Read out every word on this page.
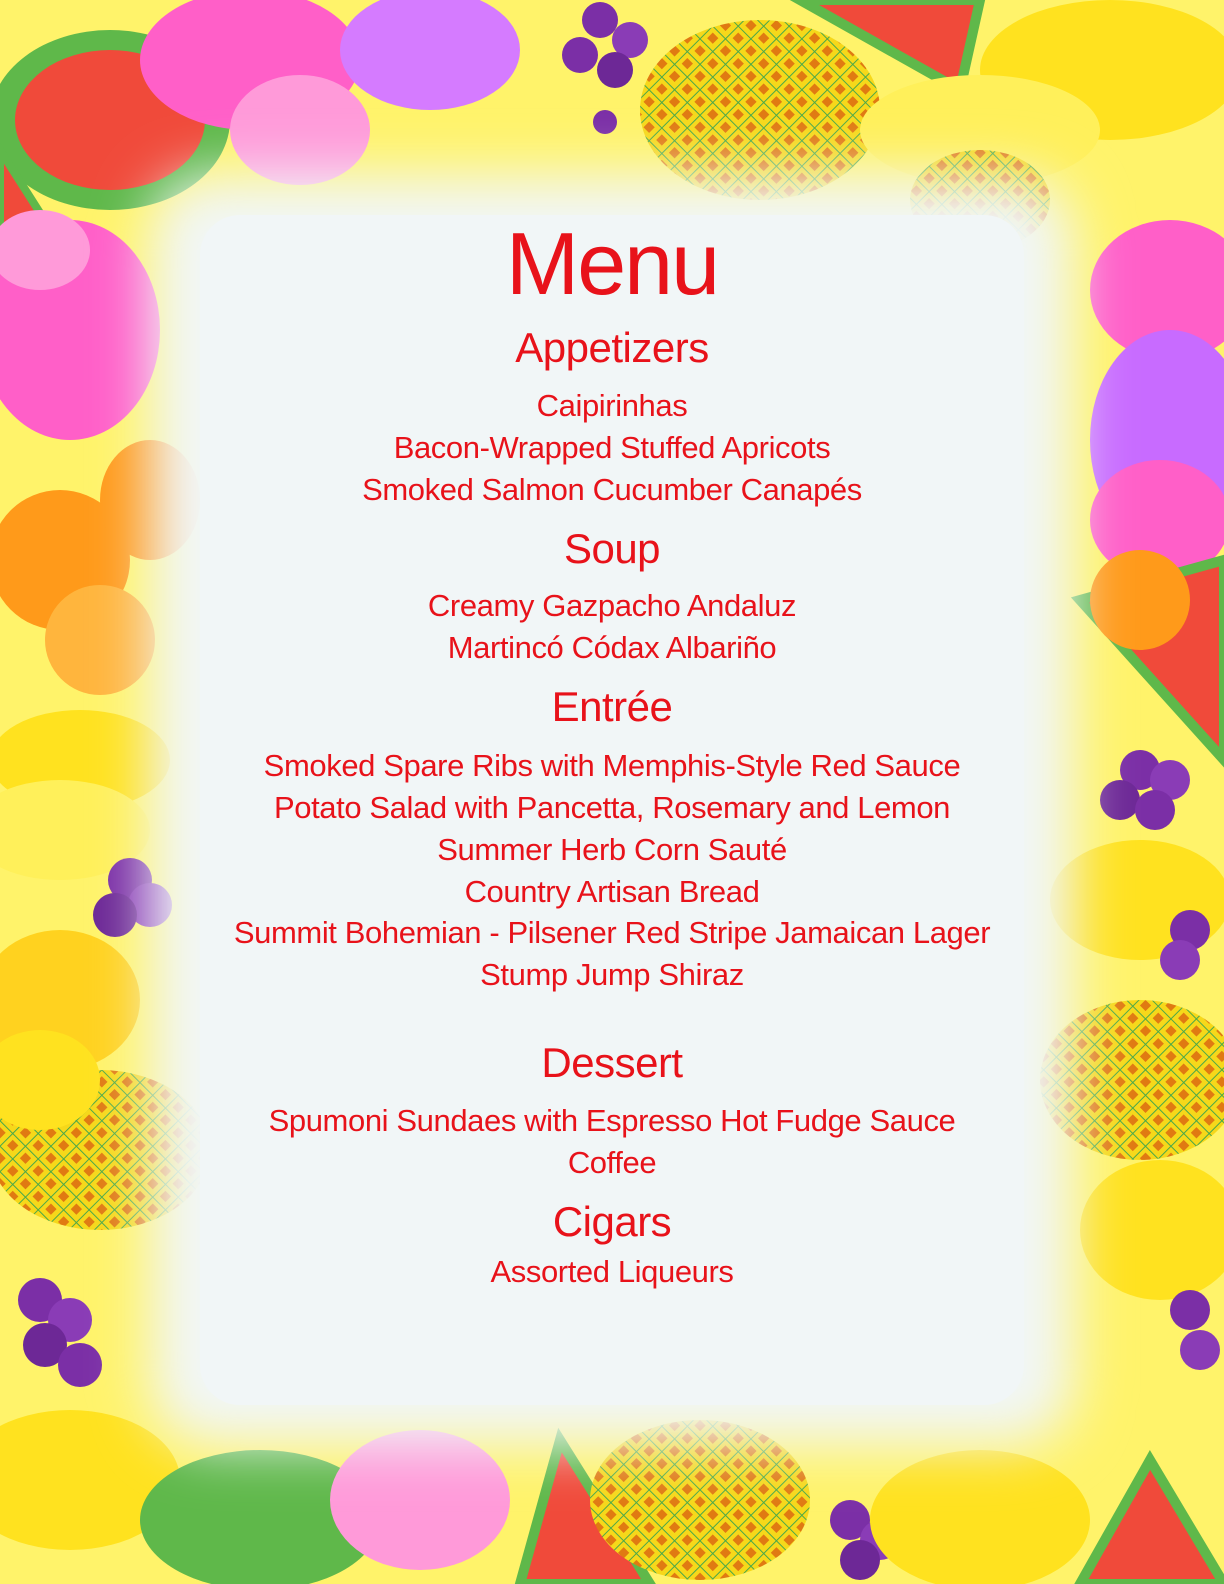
Menu
Appetizers
Caipirinhas
Bacon-Wrapped Stuffed Apricots
Smoked Salmon Cucumber Canapés
Soup
Creamy Gazpacho Andaluz
Martincó Códax Albariño
Entrée
Smoked Spare Ribs with Memphis-Style Red Sauce
Potato Salad with Pancetta, Rosemary and Lemon
Summer Herb Corn Sauté
Country Artisan Bread
Summit Bohemian - Pilsener Red Stripe Jamaican Lager
Stump Jump Shiraz
Dessert
Spumoni Sundaes with Espresso Hot Fudge Sauce
Coffee
Cigars
Assorted Liqueurs
